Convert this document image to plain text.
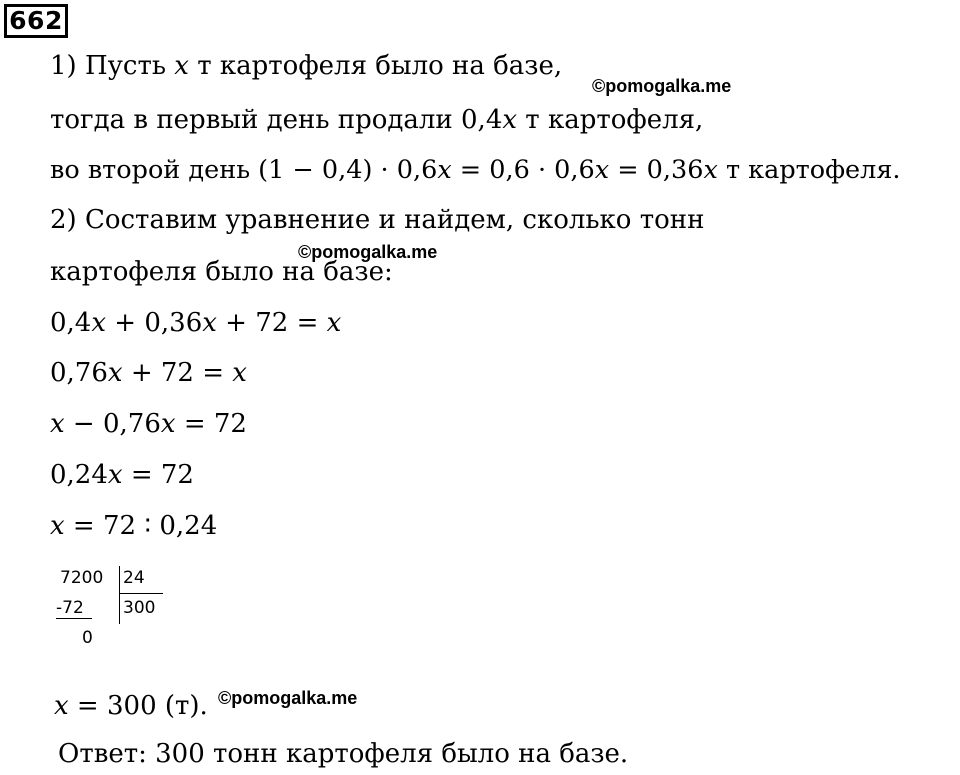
662
1) Пусть x т картофеля было на базе,
©pomogalka.me
тогда в первый день продали 0,4x т картофеля,
во второй день (1 − 0,4) · 0,6x = 0,6 · 0,6x = 0,36x т картофеля.
2) Составим уравнение и найдем, сколько тонн
©pomogalka.me
картофеля было на базе:
0,4x + 0,36x + 72 = x
0,76x + 72 = x
x − 0,76x = 72
0,24x = 72
x = 72 ∶ 0,24
7200 24
-72 300
0
x = 300 (т). ©pomogalka.me
Ответ: 300 тонн картофеля было на базе.
